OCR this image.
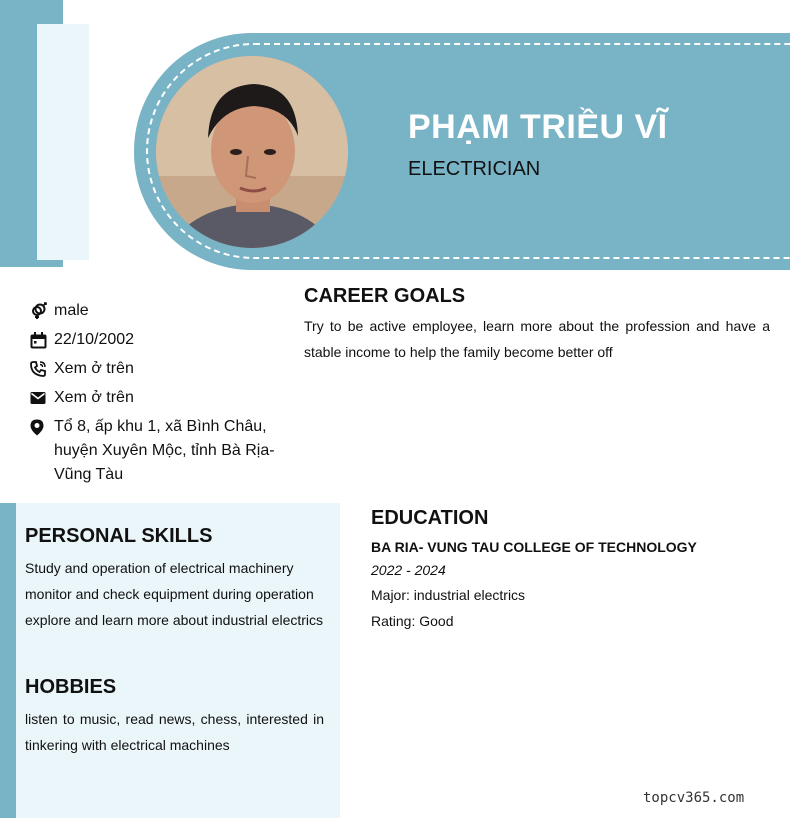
PHẠM TRIỀU VĨ
ELECTRICIAN
male
22/10/2002
Xem ở trên
Xem ở trên
Tổ 8, ấp khu 1, xã Bình Châu, huyện Xuyên Mộc, tỉnh Bà Rịa-Vũng Tàu
CAREER GOALS
Try to be active employee, learn more about the profession and have a stable income to help the family become better off
PERSONAL SKILLS
Study and operation of electrical machinery
monitor and check equipment during operation
explore and learn more about industrial electrics
HOBBIES
listen to music, read news, chess, interested in tinkering with electrical machines
EDUCATION
BA RIA- VUNG TAU COLLEGE OF TECHNOLOGY
2022 - 2024
Major: industrial electrics
Rating: Good
topcv365.com
